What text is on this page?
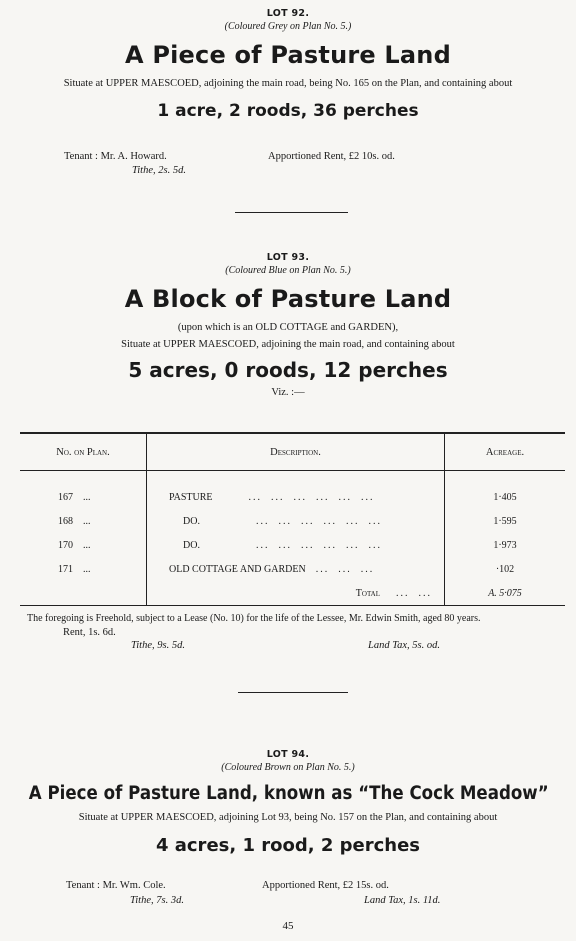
LOT 92.
(Coloured Grey on Plan No. 5.)
A Piece of Pasture Land
Situate at UPPER MAESCOED, adjoining the main road, being No. 165 on the Plan, and containing about
1 acre, 2 roods, 36 perches
Tenant : Mr. A. Howard.	Apportioned Rent, £2 10s. od.
Tithe, 2s. 5d.
LOT 93.
(Coloured Blue on Plan No. 5.)
A Block of Pasture Land
(upon which is an OLD COTTAGE and GARDEN),
Situate at UPPER MAESCOED, adjoining the main road, and containing about
5 acres, 0 roods, 12 perches
Viz. :—
No. on Plan.	Description.	Acreage.

167    ...	PASTURE ...  ...  ...  ...  ...  ...	1·405
168    ...	DO. ...  ...  ...  ...  ...  ...	1·595
170    ...	DO. ...  ...  ...  ...  ...  ...	1·973
171    ...	OLD COTTAGE AND GARDEN ...  ...  ...	·102
	Total ...  ...	A. 5·075
The foregoing is Freehold, subject to a Lease (No. 10) for the life of the Lessee, Mr. Edwin Smith, aged 80 years.
Rent, 1s. 6d.
Tithe, 9s. 5d.	Land Tax, 5s. od.
LOT 94.
(Coloured Brown on Plan No. 5.)
A Piece of Pasture Land, known as “The Cock Meadow”
Situate at UPPER MAESCOED, adjoining Lot 93, being No. 157 on the Plan, and containing about
4 acres, 1 rood, 2 perches
Tenant : Mr. Wm. Cole.	Apportioned Rent, £2 15s. od.
Tithe, 7s. 3d.	Land Tax, 1s. 11d.
45
